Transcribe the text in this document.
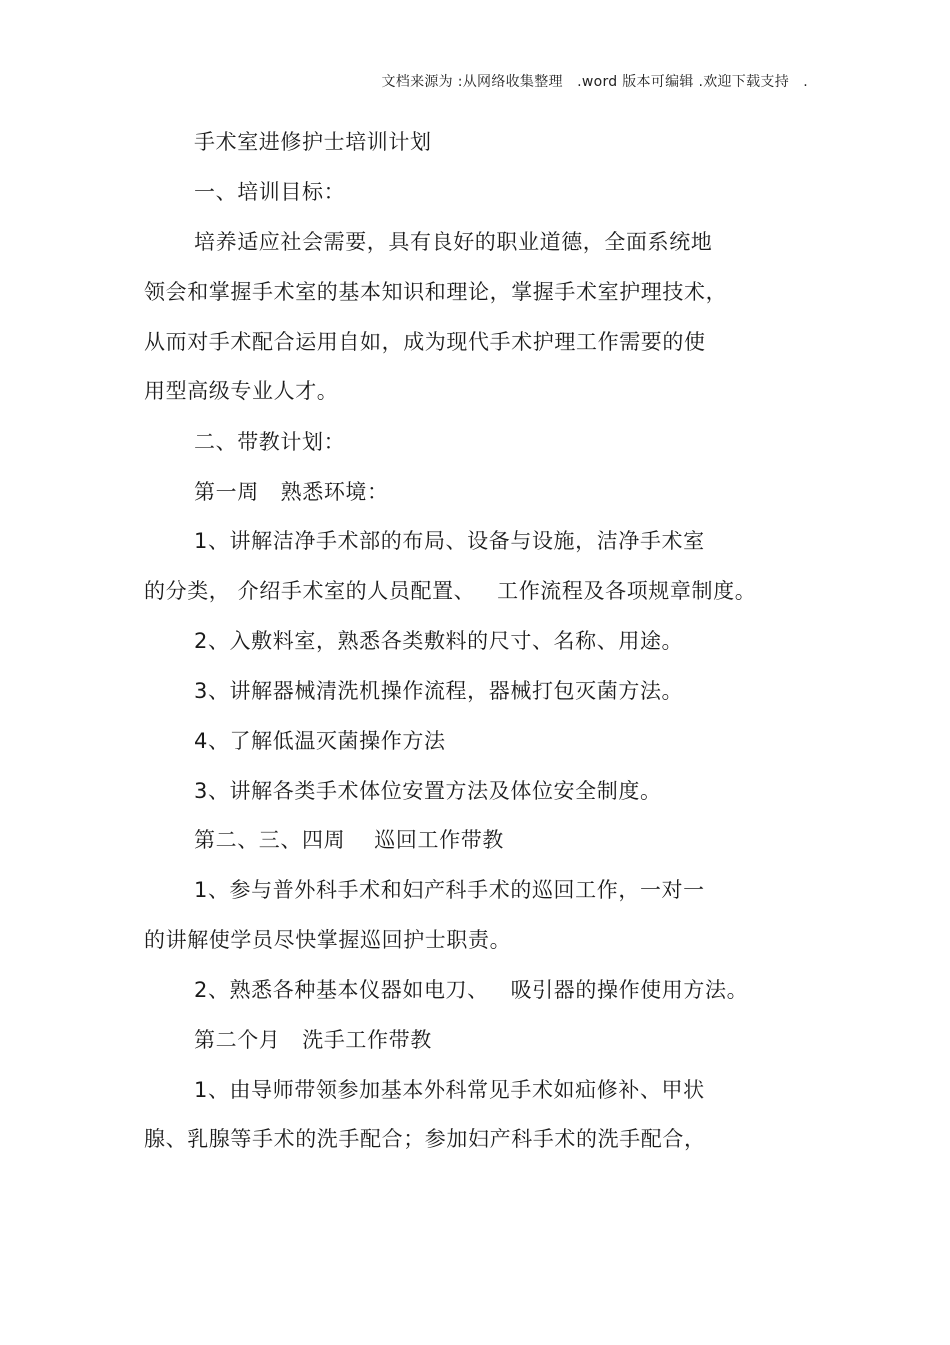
文档来源为 :从网络收集整理   .word 版本可编辑 .欢迎下载支持   .
手术室进修护士培训计划
一、培训目标：
培养适应社会需要，具有良好的职业道德，全面系统地
领会和掌握手术室的基本知识和理论，掌握手术室护理技术，
从而对手术配合运用自如，成为现代手术护理工作需要的使
用型高级专业人才。
二、带教计划：
第一周   熟悉环境：
1、讲解洁净手术部的布局、设备与设施，洁净手术室
的分类， 介绍手术室的人员配置、   工作流程及各项规章制度。
2、入敷料室，熟悉各类敷料的尺寸、名称、用途。
3、讲解器械清洗机操作流程，器械打包灭菌方法。
4、了解低温灭菌操作方法
3、讲解各类手术体位安置方法及体位安全制度。
第二、三、四周    巡回工作带教
1、参与普外科手术和妇产科手术的巡回工作，一对一
的讲解使学员尽快掌握巡回护士职责。
2、熟悉各种基本仪器如电刀、   吸引器的操作使用方法。
第二个月   洗手工作带教
1、由导师带领参加基本外科常见手术如疝修补、甲状
腺、乳腺等手术的洗手配合；参加妇产科手术的洗手配合，
